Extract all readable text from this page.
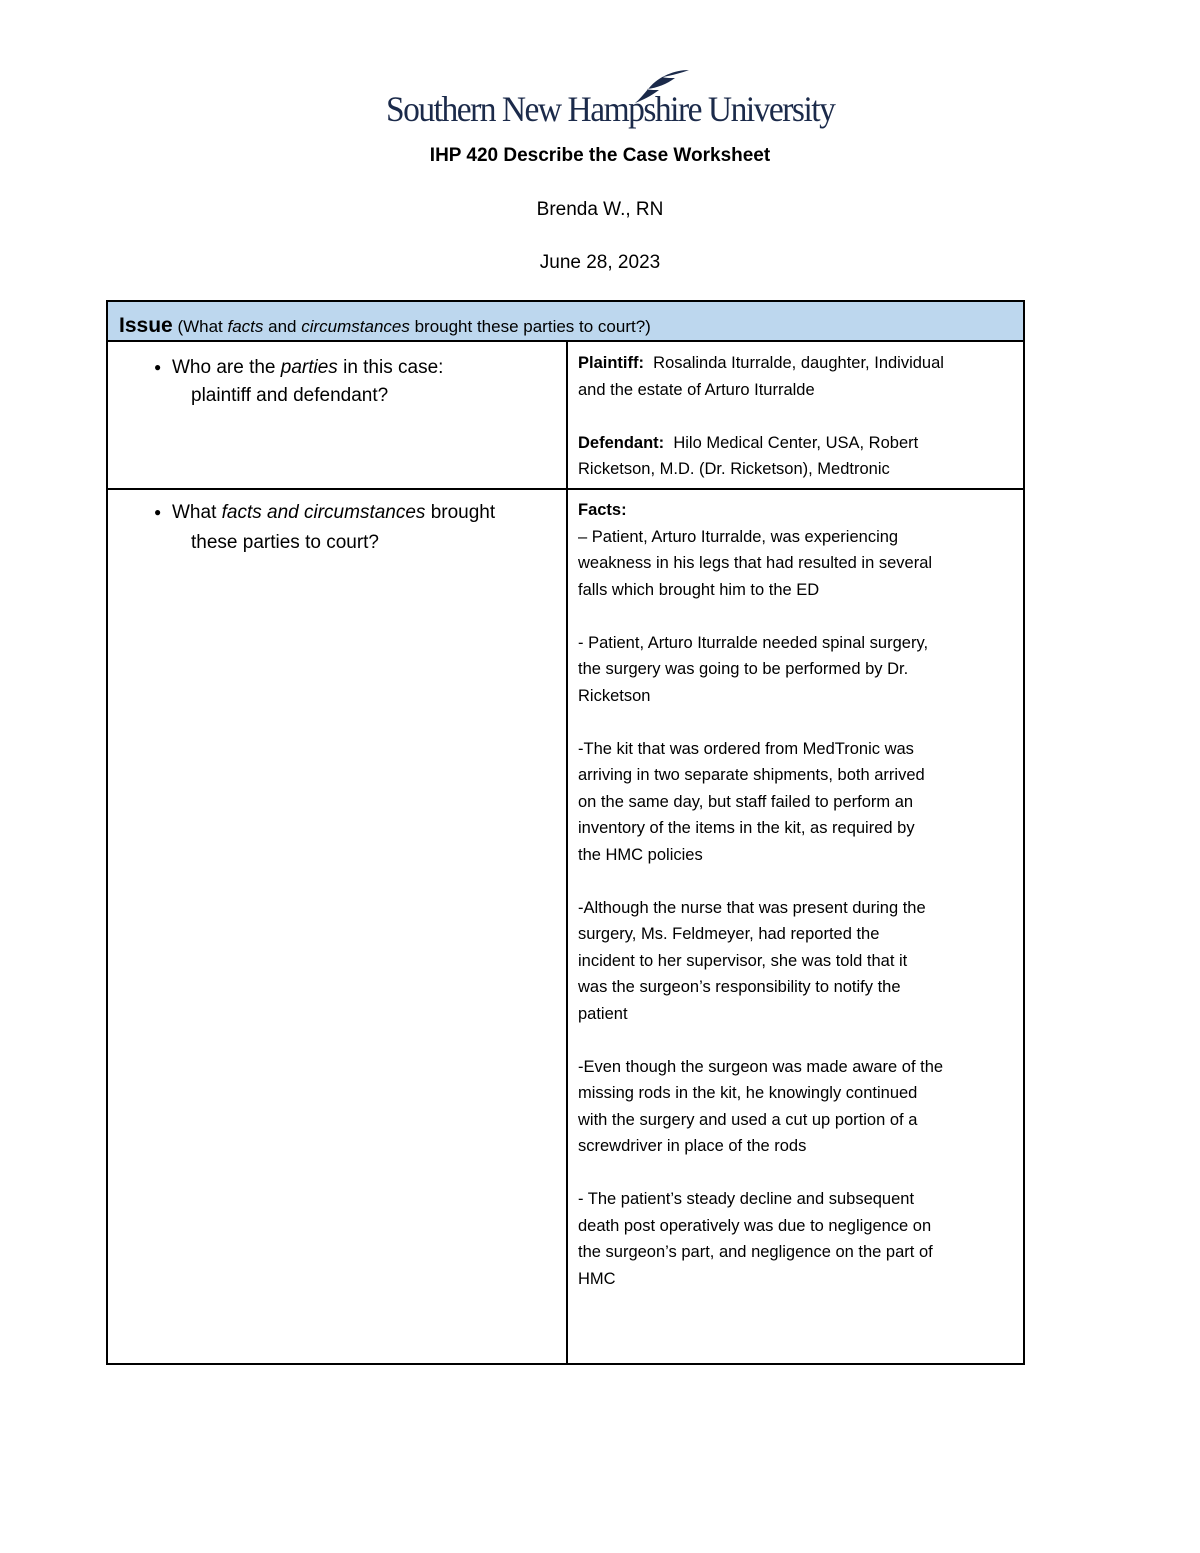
Southern New Hampshire University
IHP 420 Describe the Case Worksheet
Brenda W., RN
June 28, 2023
Issue (What facts and circumstances brought these parties to court?)
● Who are the parties in this case:
plaintiff and defendant?

Plaintiff: Rosalinda Iturralde, daughter, Individual

and the estate of Arturo Iturralde

Defendant: Hilo Medical Center, USA, Robert

Ricketson, M.D. (Dr. Ricketson), Medtronic

● What facts and circumstances brought
these parties to court?
Facts:

– Patient, Arturo Iturralde, was experiencing
weakness in his legs that had resulted in several
falls which brought him to the ED

- Patient, Arturo Iturralde needed spinal surgery,
the surgery was going to be performed by Dr.
Ricketson

-The kit that was ordered from MedTronic was
arriving in two separate shipments, both arrived
on the same day, but staff failed to perform an
inventory of the items in the kit, as required by
the HMC policies

-Although the nurse that was present during the
surgery, Ms. Feldmeyer, had reported the
incident to her supervisor, she was told that it
was the surgeon’s responsibility to notify the
patient

-Even though the surgeon was made aware of the
missing rods in the kit, he knowingly continued
with the surgery and used a cut up portion of a
screwdriver in place of the rods

- The patient’s steady decline and subsequent
death post operatively was due to negligence on
the surgeon’s part, and negligence on the part of
HMC
